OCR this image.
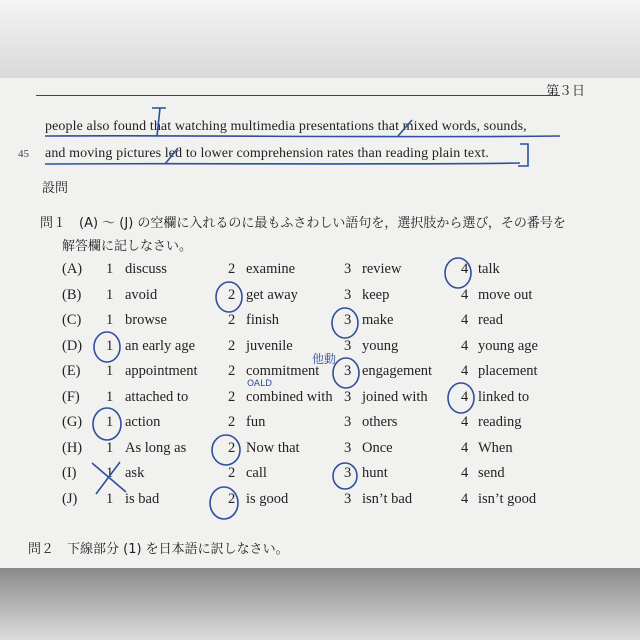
第３日
people also found that watching multimedia presentations that mixed words, sounds,
45 and moving pictures led to lower comprehension rates than reading plain text.
設問
問１　(A) ～ (J) の空欄に入れるのに最もふさわしい語句を，選択肢から選び，その番号を
解答欄に記しなさい。
(A) 1 discuss	2 examine	3 review	4 talk
(B) 1 avoid	2 get away	3 keep	4 move out
(C) 1 browse	2 finish	3 make	4 read
(D) 1 an early age 2 juvenile	3 young	4 young age
(E) 1 appointment 2 commitment 3 engagement 4 placement
(F) 1 attached to	2 combined with 3 joined with 4 linked to
(G) 1 action	2 fun	3 others	4 reading
(H) 1 As long as	2 Now that	3 Once	4 When
(I) 1 ask	2 call	3 hunt	4 send
(J) 1 is bad	2 is good	3 isn’t bad	4 isn’t good
問２　下線部分 (1) を日本語に訳しなさい。
他動
OALD
